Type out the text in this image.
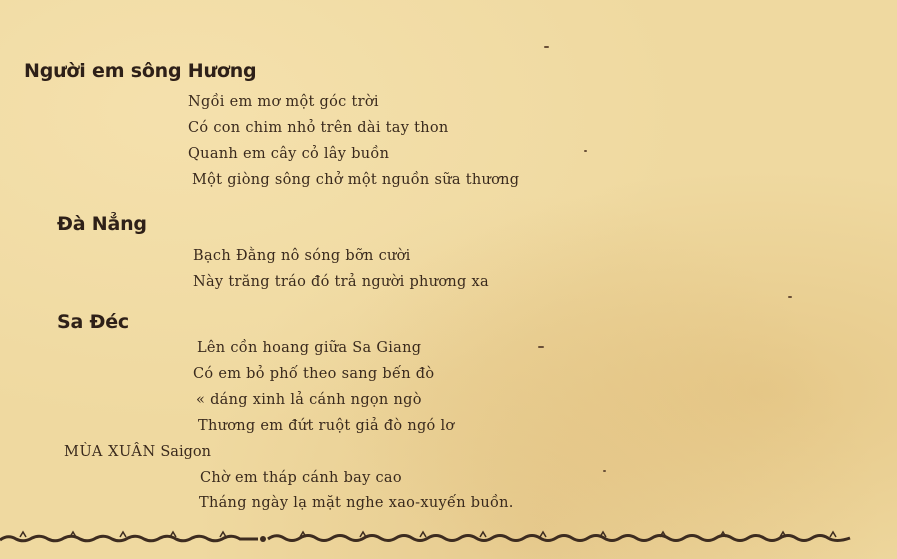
Người em sông Hương
Ngồi em mơ một góc trời
Có con chim nhỏ trên dài tay thon
Quanh em cây cỏ lây buồn
Một giòng sông chở một nguồn sữa thương
Đà Nẳng
Bạch Đằng nô sóng bỡn cười
Này trăng tráo đó trả người phương xa
Sa Đéc
Lên cồn hoang giữa Sa Giang
Có em bỏ phố theo sang bến đò
« dáng xinh lả cánh ngọn ngò
Thương em đứt ruột giả đò ngó lơ
MÙA XUÂN Saigon
Chờ em tháp cánh bay cao
Tháng ngày lạ mặt nghe xao-xuyến buồn.
